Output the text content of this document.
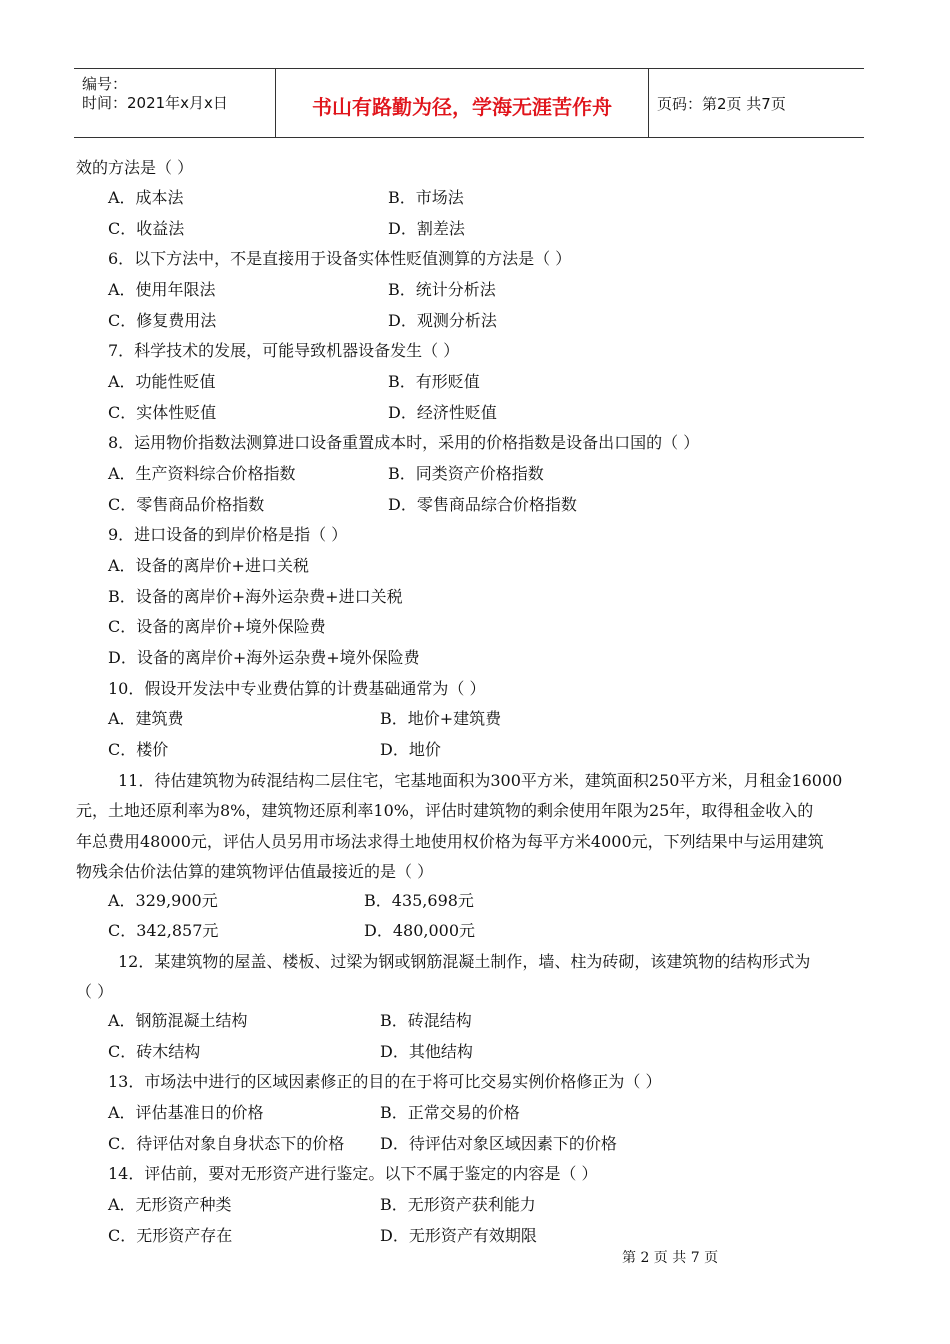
编号：
时间：2021年x月x日	书山有路勤为径，学海无涯苦作舟	页码：第2页 共7页
效的方法是（ ）
A．成本法	B．市场法
C．收益法	D．割差法
6．以下方法中，不是直接用于设备实体性贬值测算的方法是（ ）
A．使用年限法	B．统计分析法
C．修复费用法	D．观测分析法
7．科学技术的发展，可能导致机器设备发生（ ）
A．功能性贬值	B．有形贬值
C．实体性贬值	D．经济性贬值
8．运用物价指数法测算进口设备重置成本时，采用的价格指数是设备出口国的（ ）
A．生产资料综合价格指数	B．同类资产价格指数
C．零售商品价格指数	D．零售商品综合价格指数
9．进口设备的到岸价格是指（ ）
A．设备的离岸价+进口关税
B．设备的离岸价+海外运杂费+进口关税
C．设备的离岸价+境外保险费
D．设备的离岸价+海外运杂费+境外保险费
10．假设开发法中专业费估算的计费基础通常为（ ）
A．建筑费	B．地价+建筑费
C．楼价	D．地价
11．待估建筑物为砖混结构二层住宅，宅基地面积为300平方米，建筑面积250平方米，月租金16000
元，土地还原利率为8%，建筑物还原利率10%，评估时建筑物的剩余使用年限为25年，取得租金收入的
年总费用48000元，评估人员另用市场法求得土地使用权价格为每平方米4000元，下列结果中与运用建筑
物残余估价法估算的建筑物评估值最接近的是（ ）
A．329,900元	B．435,698元
C．342,857元	D．480,000元
12．某建筑物的屋盖、楼板、过梁为钢或钢筋混凝土制作，墙、柱为砖砌，该建筑物的结构形式为
（ ）
A．钢筋混凝土结构	B．砖混结构
C．砖木结构	D．其他结构
13．市场法中进行的区域因素修正的目的在于将可比交易实例价格修正为（ ）
A．评估基准日的价格	B．正常交易的价格
C．待评估对象自身状态下的价格 D．待评估对象区域因素下的价格
14．评估前，要对无形资产进行鉴定。以下不属于鉴定的内容是（ ）
A．无形资产种类	B．无形资产获利能力
C．无形资产存在	D．无形资产有效期限
第 2 页 共 7 页
